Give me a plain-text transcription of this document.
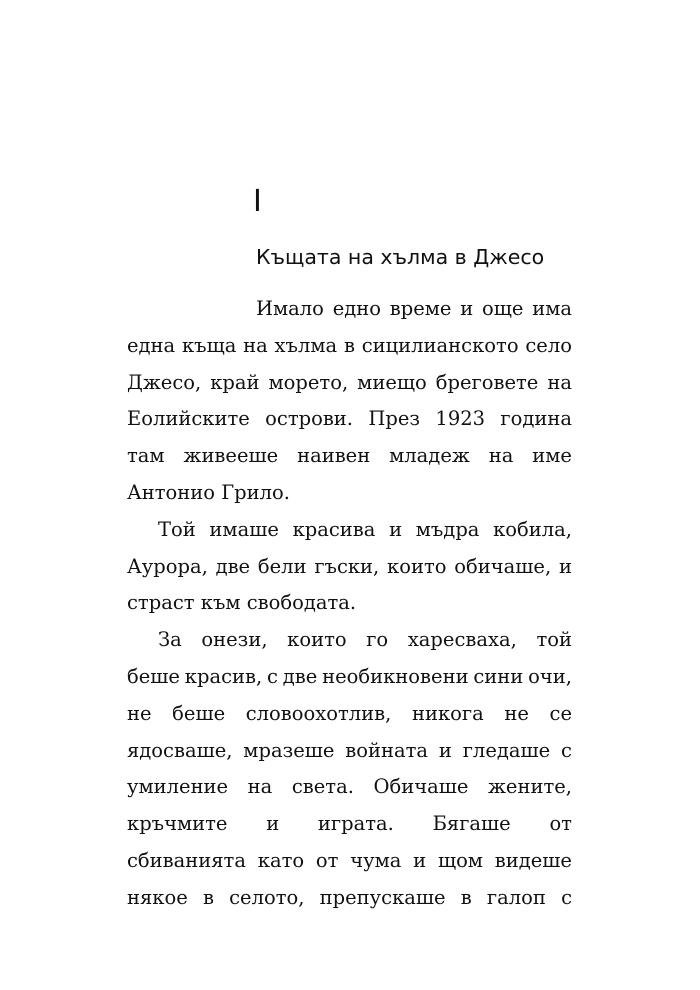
I
Къщата на хълма в Джесо
Имало едно време и още има
една къща на хълма в сицилианското село
Джесо, край морето, миещо бреговете на
Еолийските острови. През 1923 година
там живееше наивен младеж на име
Антонио Грило.
Той имаше красива и мъдра кобила,
Аурора, две бели гъски, които обичаше, и
страст към свободата.
За онези, които го харесваха, той
беше красив, с две необикновени сини очи,
не беше словоохотлив, никога не се
ядосваше, мразеше войната и гледаше с
умиление на света. Обичаше жените,
кръчмите и играта. Бягаше от
сбиванията като от чума и щом видеше
някое в селото, препускаше в галоп с
